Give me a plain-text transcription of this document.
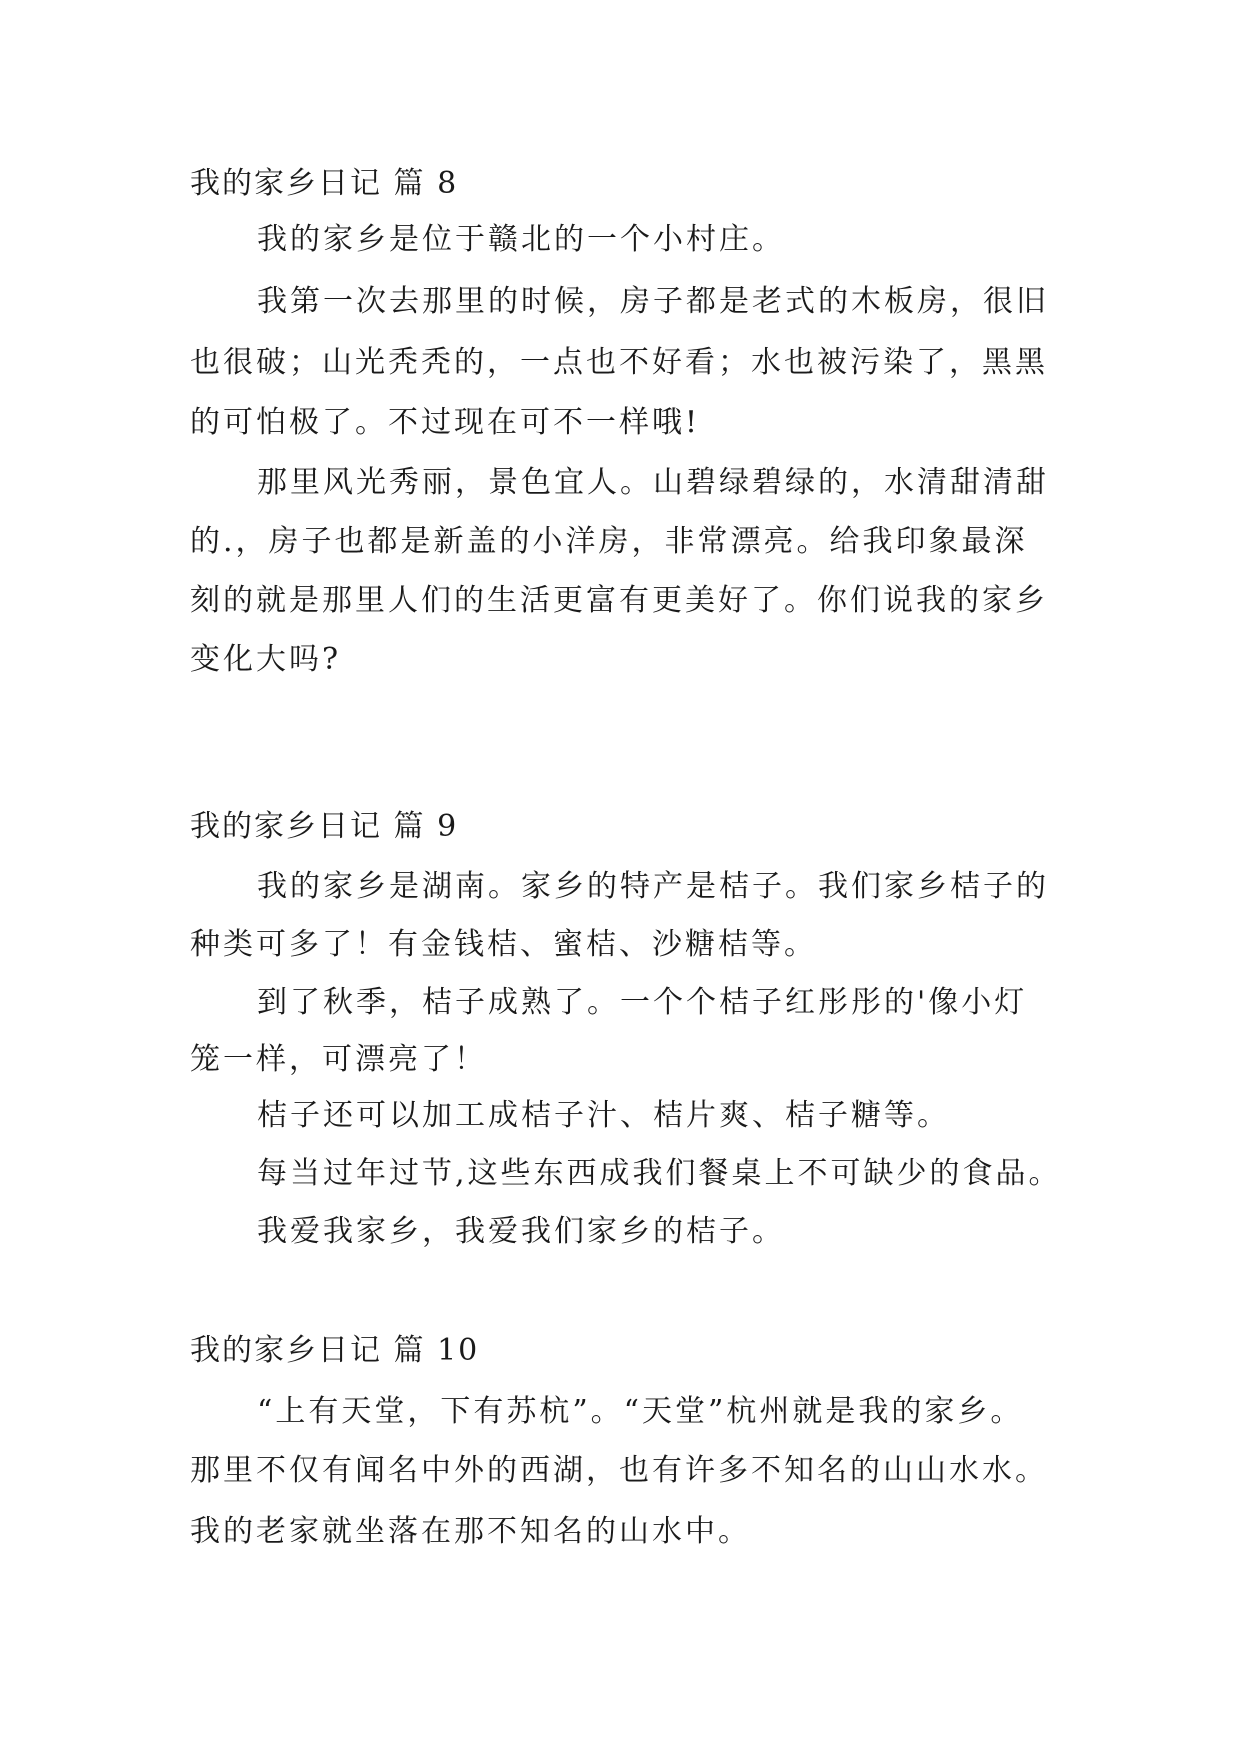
我的家乡日记 篇 8
我的家乡是位于赣北的一个小村庄。
我第一次去那里的时候，房子都是老式的木板房，很旧
也很破；山光秃秃的，一点也不好看；水也被污染了，黑黑
的可怕极了。不过现在可不一样哦!
那里风光秀丽，景色宜人。山碧绿碧绿的，水清甜清甜
的.，房子也都是新盖的小洋房，非常漂亮。给我印象最深
刻的就是那里人们的生活更富有更美好了。你们说我的家乡
变化大吗?
我的家乡日记 篇 9
我的家乡是湖南。家乡的特产是桔子。我们家乡桔子的
种类可多了！有金钱桔、蜜桔、沙糖桔等。
到了秋季，桔子成熟了。一个个桔子红彤彤的'像小灯
笼一样，可漂亮了！
桔子还可以加工成桔子汁、桔片爽、桔子糖等。
每当过年过节,这些东西成我们餐桌上不可缺少的食品。
我爱我家乡，我爱我们家乡的桔子。
我的家乡日记 篇 10
“上有天堂，下有苏杭”。“天堂”杭州就是我的家乡。
那里不仅有闻名中外的西湖，也有许多不知名的山山水水。
我的老家就坐落在那不知名的山水中。
